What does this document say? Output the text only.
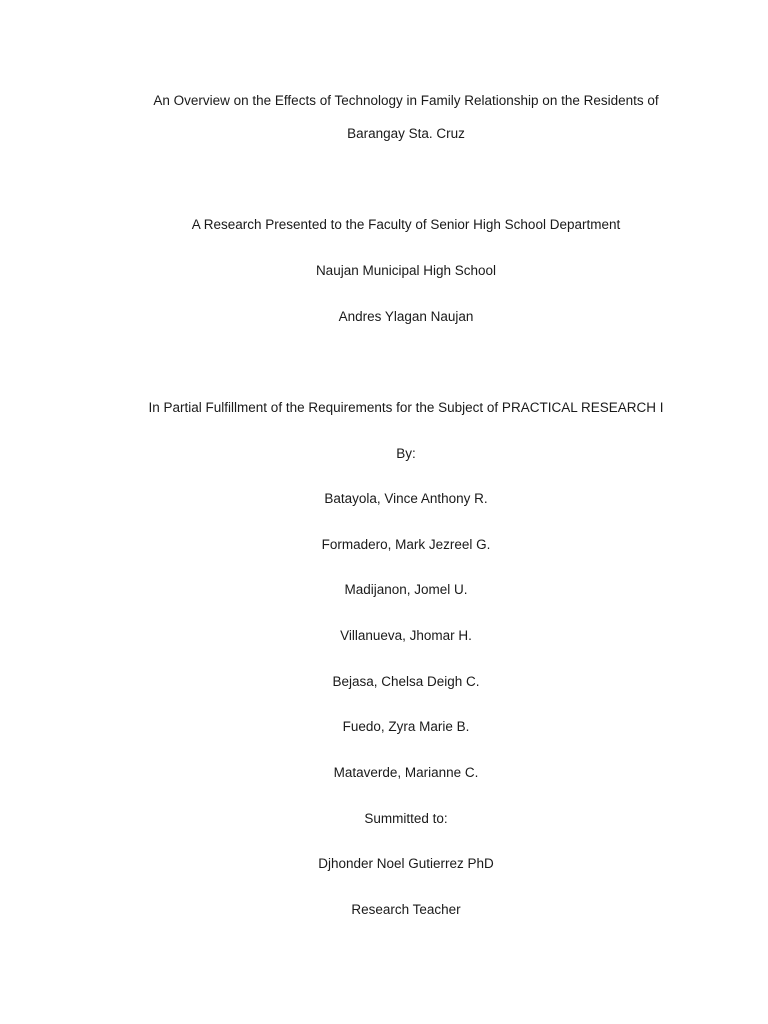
An Overview on the Effects of Technology in Family Relationship on the Residents of
Barangay Sta. Cruz
A Research Presented to the Faculty of Senior High School Department
Naujan Municipal High School
Andres Ylagan Naujan
In Partial Fulfillment of the Requirements for the Subject of PRACTICAL RESEARCH I
By:
Batayola, Vince Anthony R.
Formadero, Mark Jezreel G.
Madijanon, Jomel U.
Villanueva, Jhomar H.
Bejasa, Chelsa Deigh C.
Fuedo, Zyra Marie B.
Mataverde, Marianne C.
Summitted to:
Djhonder Noel Gutierrez PhD
Research Teacher
